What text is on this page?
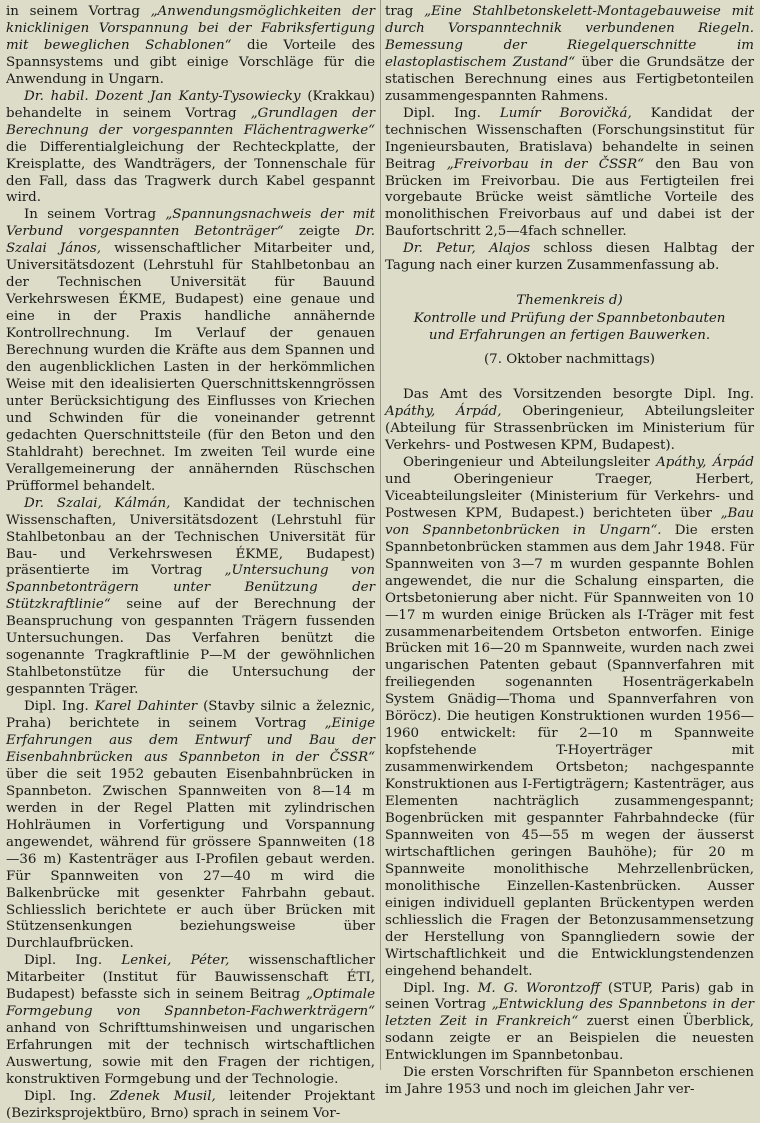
in seinem Vortrag „Anwendungsmöglichkeiten der knicklinigen Vorspannung bei der Fabriksfertigung mit beweglichen Schablonen“ die Vorteile des Spannsystems und gibt einige Vorschläge für die Anwendung in Ungarn.

Dr. habil. Dozent Jan Kanty-Tysowiecky (Krakkau) behandelte in seinem Vortrag „Grundlagen der Berechnung der vorgespannten Flächentragwerke“ die Differentialgleichung der Rechteckplatte, der Kreisplatte, des Wandträgers, der Tonnenschale für den Fall, dass das Tragwerk durch Kabel gespannt wird.

In seinem Vortrag „Spannungsnachweis der mit Verbund vorgespannten Betonträger“ zeigte Dr. Szalai János, wissenschaftlicher Mitarbeiter und, Universitätsdozent (Lehrstuhl für Stahlbetonbau an der Technischen Universität für Bauund Verkehrswesen ÉKME, Budapest) eine genaue und eine in der Praxis handliche annähernde Kontrollrechnung. Im Verlauf der genauen Berechnung wurden die Kräfte aus dem Spannen und den augenblicklichen Lasten in der herkömmlichen Weise mit den idealisierten Querschnittskenngrössen unter Berücksichtigung des Einflusses von Kriechen und Schwinden für die voneinander getrennt gedachten Querschnittsteile (für den Beton und den Stahldraht) berechnet. Im zweiten Teil wurde eine Verallgemeinerung der annähernden Rüschschen Prüfformel behandelt.

Dr. Szalai, Kálmán, Kandidat der technischen Wissenschaften, Universitätsdozent (Lehrstuhl für Stahlbetonbau an der Technischen Universität für Bau- und Verkehrswesen ÉKME, Budapest) präsentierte im Vortrag „Untersuchung von Spannbetonträgern unter Benützung der Stützkraftlinie“ seine auf der Berechnung der Beanspruchung von gespannten Trägern fussenden Untersuchungen. Das Verfahren benützt die sogenannte Tragkraftlinie P—M der gewöhnlichen Stahlbetonstütze für die Untersuchung der gespannten Träger.

Dipl. Ing. Karel Dahinter (Stavby silnic a železnic, Praha) berichtete in seinem Vortrag „Einige Erfahrungen aus dem Entwurf und Bau der Eisenbahnbrücken aus Spannbeton in der ČSSR“ über die seit 1952 gebauten Eisenbahnbrücken in Spannbeton. Zwischen Spannweiten von 8—14 m werden in der Regel Platten mit zylindrischen Hohlräumen in Vorfertigung und Vorspannung angewendet, während für grössere Spannweiten (18—36 m) Kastenträger aus I-Profilen gebaut werden. Für Spannweiten von 27—40 m wird die Balkenbrücke mit gesenkter Fahrbahn gebaut. Schliesslich berichtete er auch über Brücken mit Stützensenkungen beziehungsweise über Durchlaufbrücken.

Dipl. Ing. Lenkei, Péter, wissenschaftlicher Mitarbeiter (Institut für Bauwissenschaft ÉTI, Budapest) befasste sich in seinem Beitrag „Optimale Formgebung von Spannbeton-Fachwerkträgern“ anhand von Schrifttumshinweisen und ungarischen Erfahrungen mit der technisch wirtschaftlichen Auswertung, sowie mit den Fragen der richtigen, konstruktiven Formgebung und der Technologie.

Dipl. Ing. Zdenek Musil, leitender Projektant (Bezirksprojektbüro, Brno) sprach in seinem Vor-

trag „Eine Stahlbetonskelett-Montagebauweise mit durch Vorspanntechnik verbundenen Riegeln. Bemessung der Riegelquerschnitte im elastoplastischem Zustand“ über die Grundsätze der statischen Berechnung eines aus Fertigbetonteilen zusammengespannten Rahmens.

Dipl. Ing. Lumír Borovičká, Kandidat der technischen Wissenschaften (Forschungsinstitut für Ingenieursbauten, Bratislava) behandelte in seinen Beitrag „Freivorbau in der ČSSR“ den Bau von Brücken im Freivorbau. Die aus Fertigteilen frei vorgebaute Brücke weist sämtliche Vorteile des monolithischen Freivorbaus auf und dabei ist der Baufortschritt 2,5—4fach schneller.

Dr. Petur, Alajos schloss diesen Halbtag der Tagung nach einer kurzen Zusammenfassung ab.

Themenkreis d)
Kontrolle und Prüfung der Spannbetonbauten
und Erfahrungen an fertigen Bauwerken.
(7. Oktober nachmittags)

Das Amt des Vorsitzenden besorgte Dipl. Ing. Apáthy, Árpád, Oberingenieur, Abteilungsleiter (Abteilung für Strassenbrücken im Ministerium für Verkehrs- und Postwesen KPM, Budapest).

Oberingenieur und Abteilungsleiter Apáthy, Árpád und Oberingenieur Traeger, Herbert, Viceabteilungsleiter (Ministerium für Verkehrs- und Postwesen KPM, Budapest.) berichteten über „Bau von Spannbetonbrücken in Ungarn“. Die ersten Spannbetonbrücken stammen aus dem Jahr 1948. Für Spannweiten von 3—7 m wurden gespannte Bohlen angewendet, die nur die Schalung einsparten, die Ortsbetonierung aber nicht. Für Spannweiten von 10—17 m wurden einige Brücken als I-Träger mit fest zusammenarbeitendem Ortsbeton entworfen. Einige Brücken mit 16—20 m Spannweite, wurden nach zwei ungarischen Patenten gebaut (Spannverfahren mit freiliegenden sogenannten Hosenträgerkabeln System Gnädig—Thoma und Spannverfahren von Böröcz). Die heutigen Konstruktionen wurden 1956—1960 entwickelt: für 2—10 m Spannweite kopfstehende T-Hoyerträger mit zusammenwirkendem Ortsbeton; nachgespannte Konstruktionen aus I-Fertigträgern; Kastenträger, aus Elementen nachträglich zusammengespannt; Bogenbrücken mit gespannter Fahrbahndecke (für Spannweiten von 45—55 m wegen der äusserst wirtschaftlichen geringen Bauhöhe); für 20 m Spannweite monolithische Mehrzellenbrücken, monolithische Einzellen-Kastenbrücken. Ausser einigen individuell geplanten Brückentypen werden schliesslich die Fragen der Betonzusammensetzung der Herstellung von Spanngliedern sowie der Wirtschaftlichkeit und die Entwicklungstendenzen eingehend behandelt.

Dipl. Ing. M. G. Worontzoff (STUP, Paris) gab in seinen Vortrag „Entwicklung des Spannbetons in der letzten Zeit in Frankreich“ zuerst einen Überblick, sodann zeigte er an Beispielen die neuesten Entwicklungen im Spannbetonbau.

Die ersten Vorschriften für Spannbeton erschienen im Jahre 1953 und noch im gleichen Jahr ver-
